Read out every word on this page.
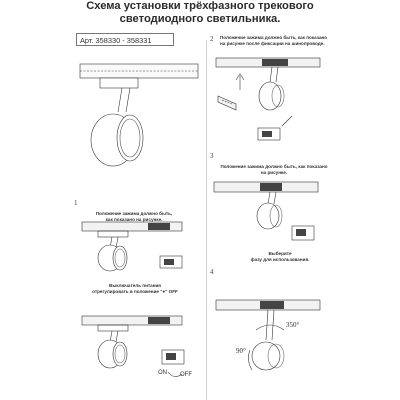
Схема установки трёхфазного трекового
светодиодного светильника.
Арт. 358330 - 358331
1
2
3
4
Положение зажима должно быть,
как показано на рисунке.
Выключатель питания
отрегулировать в положение "●" OFF
ON OFF
Положение зажима должно быть, как показано
на рисунке после фиксации на шинопроводе.
Положение зажима должно быть, как показано
на рисунке.
Выберите
фазу для использования.
350°
90°
